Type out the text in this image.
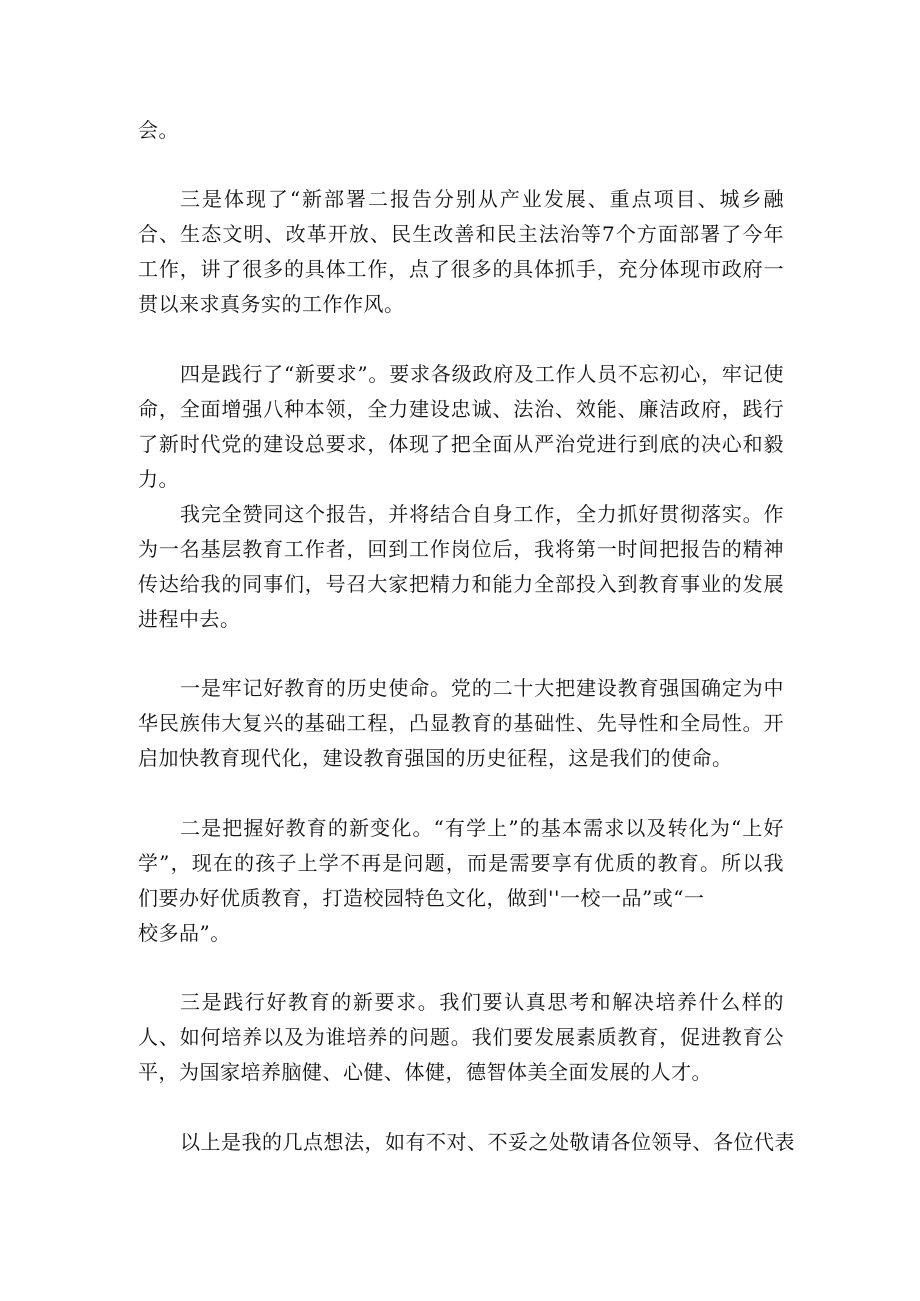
会。

三是体现了“新部署二报告分别从产业发展、重点项目、城乡融合、生态文明、改革开放、民生改善和民主法治等7个方面部署了今年工作，讲了很多的具体工作，点了很多的具体抓手，充分体现市政府一贯以来求真务实的工作作风。

四是践行了“新要求”。要求各级政府及工作人员不忘初心，牢记使命，全面增强八种本领，全力建设忠诚、法治、效能、廉洁政府，践行了新时代党的建设总要求，体现了把全面从严治党进行到底的决心和毅力。

我完全赞同这个报告，并将结合自身工作，全力抓好贯彻落实。作为一名基层教育工作者，回到工作岗位后，我将第一时间把报告的精神传达给我的同事们，号召大家把精力和能力全部投入到教育事业的发展进程中去。

一是牢记好教育的历史使命。党的二十大把建设教育强国确定为中华民族伟大复兴的基础工程，凸显教育的基础性、先导性和全局性。开启加快教育现代化，建设教育强国的历史征程，这是我们的使命。

二是把握好教育的新变化。“有学上”的基本需求以及转化为“上好学”，现在的孩子上学不再是问题，而是需要享有优质的教育。所以我们要办好优质教育，打造校园特色文化，做到''一校一品”或“一

校多品”。

三是践行好教育的新要求。我们要认真思考和解决培养什么样的人、如何培养以及为谁培养的问题。我们要发展素质教育，促进教育公平，为国家培养脑健、心健、体健，德智体美全面发展的人才。

以上是我的几点想法，如有不对、不妥之处敬请各位领导、各位代表
